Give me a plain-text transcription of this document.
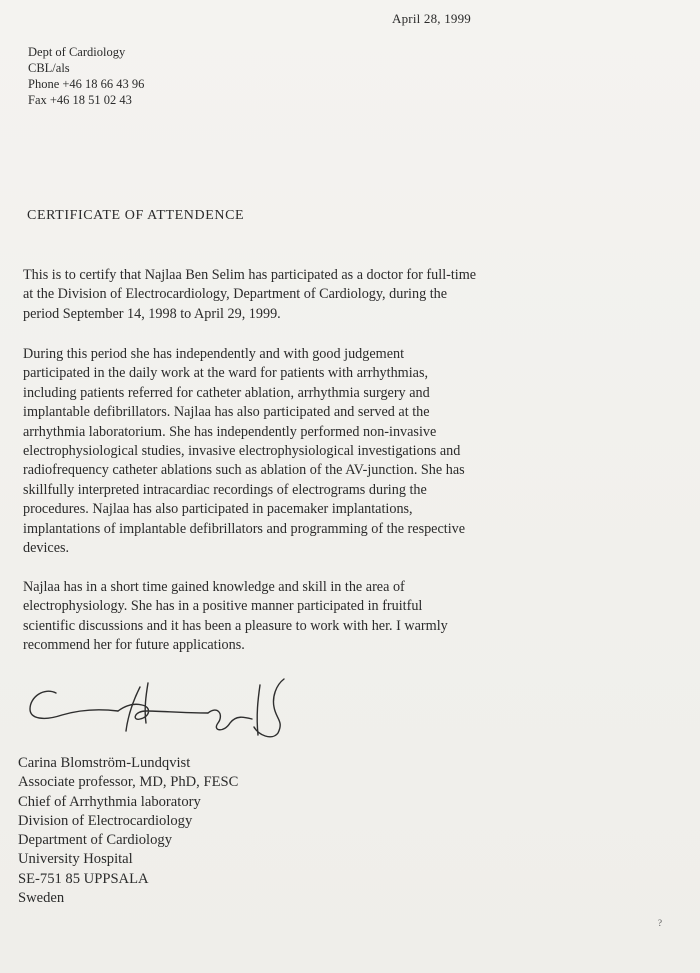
April 28, 1999
Dept of Cardiology
CBL/als
Phone +46 18 66 43 96
Fax +46 18 51 02 43
CERTIFICATE OF ATTENDENCE

This is to certify that Najlaa Ben Selim has participated as a doctor for full-time
at the Division of Electrocardiology, Department of Cardiology, during the
period September 14, 1998 to April 29, 1999.

During this period she has independently and with good judgement
participated in the daily work at the ward for patients with arrhythmias,
including patients referred for catheter ablation, arrhythmia surgery and
implantable defibrillators. Najlaa has also participated and served at the
arrhythmia laboratorium. She has independently performed non-invasive
electrophysiological studies, invasive electrophysiological investigations and
radiofrequency catheter ablations such as ablation of the AV-junction. She has
skillfully interpreted intracardiac recordings of electrograms during the
procedures. Najlaa has also participated in pacemaker implantations,
implantations of implantable defibrillators and programming of the respective
devices.

Najlaa has in a short time gained knowledge and skill in the area of
electrophysiology. She has in a positive manner participated in fruitful
scientific discussions and it has been a pleasure to work with her. I warmly
recommend her for future applications.

Carina Blomström-Lundqvist
Associate professor, MD, PhD, FESC
Chief of Arrhythmia laboratory
Division of Electrocardiology
Department of Cardiology
University Hospital
SE-751 85 UPPSALA
Sweden
?
